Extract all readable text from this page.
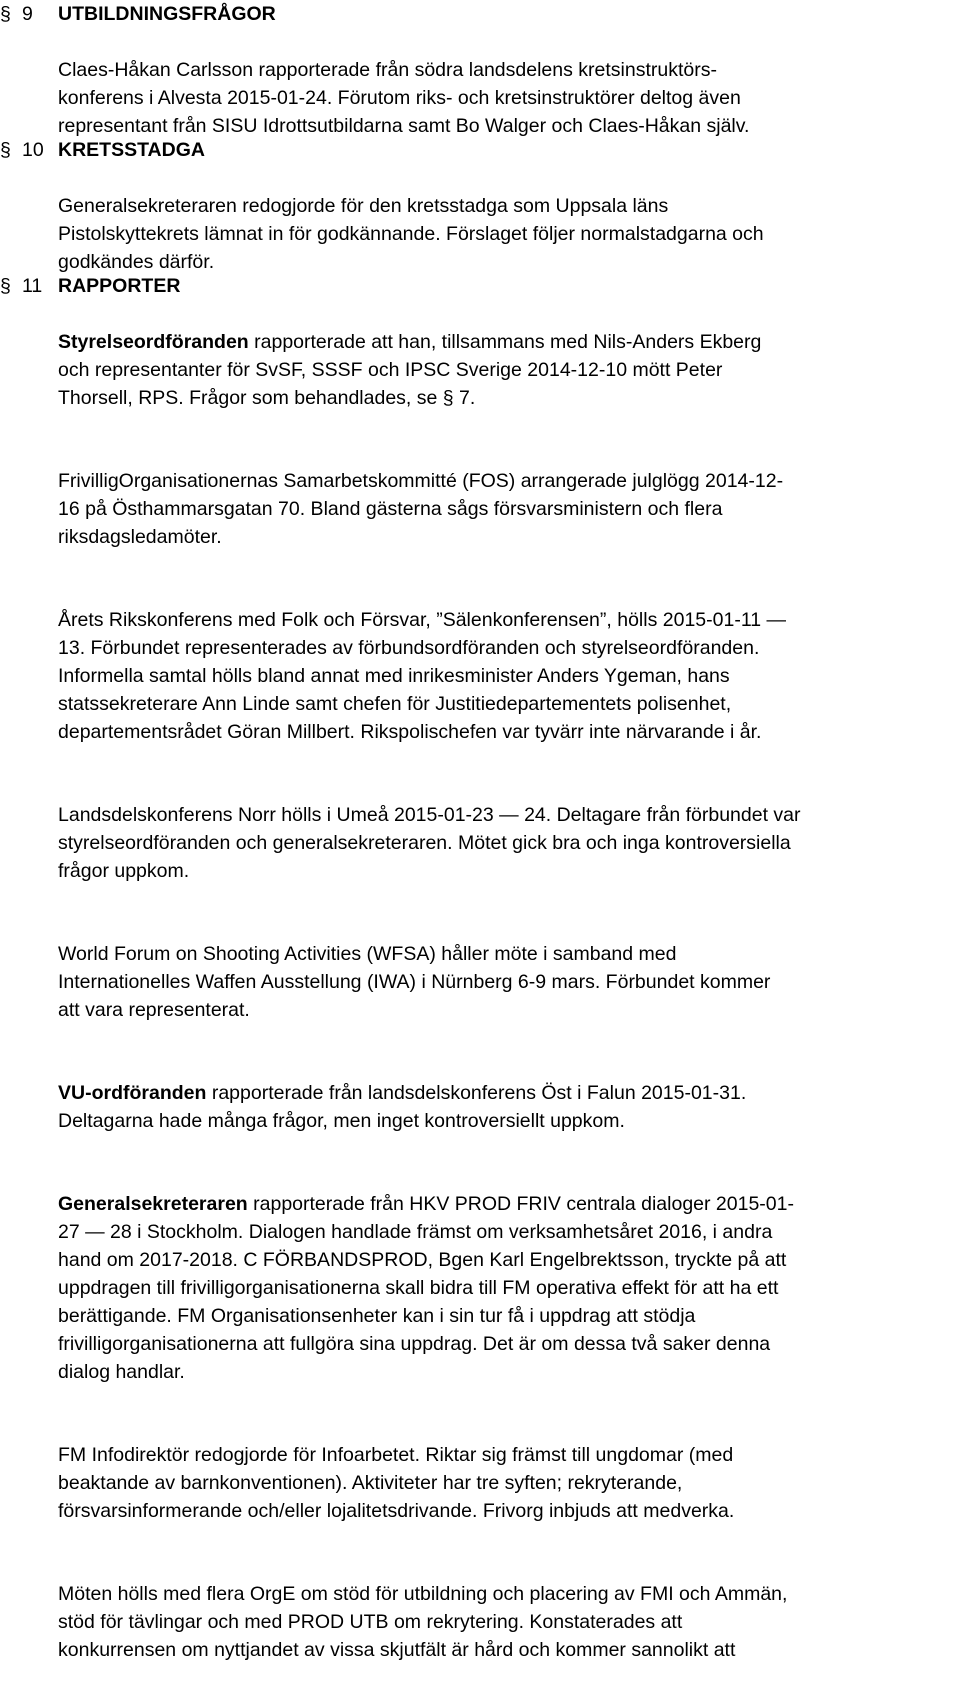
§ 9 UTBILDNINGSFRÅGOR

Claes-Håkan Carlsson rapporterade från södra landsdelens kretsinstruktörs-
konferens i Alvesta 2015-01-24. Förutom riks- och kretsinstruktörer deltog även
representant från SISU Idrottsutbildarna samt Bo Walger och Claes-Håkan själv.

§ 10 KRETSSTADGA

Generalsekreteraren redogjorde för den kretsstadga som Uppsala läns
Pistolskyttekrets lämnat in för godkännande. Förslaget följer normalstadgarna och
godkändes därför.

§ 11 RAPPORTER

Styrelseordföranden rapporterade att han, tillsammans med Nils-Anders Ekberg
och representanter för SvSF, SSSF och IPSC Sverige 2014-12-10 mött Peter
Thorsell, RPS. Frågor som behandlades, se § 7.

FrivilligOrganisationernas Samarbetskommitté (FOS) arrangerade julglögg 2014-12-
16 på Östhammarsgatan 70. Bland gästerna sågs försvarsministern och flera
riksdagsledamöter.

Årets Rikskonferens med Folk och Försvar, ”Sälenkonferensen”, hölls 2015-01-11 —
13. Förbundet representerades av förbundsordföranden och styrelseordföranden.
Informella samtal hölls bland annat med inrikesminister Anders Ygeman, hans
statssekreterare Ann Linde samt chefen för Justitiedepartementets polisenhet,
departementsrådet Göran Millbert. Rikspolischefen var tyvärr inte närvarande i år.

Landsdelskonferens Norr hölls i Umeå 2015-01-23 — 24. Deltagare från förbundet var
styrelseordföranden och generalsekreteraren. Mötet gick bra och inga kontroversiella
frågor uppkom.

World Forum on Shooting Activities (WFSA) håller möte i samband med
Internationelles Waffen Ausstellung (IWA) i Nürnberg 6-9 mars. Förbundet kommer
att vara representerat.

VU-ordföranden rapporterade från landsdelskonferens Öst i Falun 2015-01-31.
Deltagarna hade många frågor, men inget kontroversiellt uppkom.

Generalsekreteraren rapporterade från HKV PROD FRIV centrala dialoger 2015-01-
27 — 28 i Stockholm. Dialogen handlade främst om verksamhetsåret 2016, i andra
hand om 2017-2018. C FÖRBANDSPROD, Bgen Karl Engelbrektsson, tryckte på att
uppdragen till frivilligorganisationerna skall bidra till FM operativa effekt för att ha ett
berättigande. FM Organisationsenheter kan i sin tur få i uppdrag att stödja
frivilligorganisationerna att fullgöra sina uppdrag. Det är om dessa två saker denna
dialog handlar.

FM Infodirektör redogjorde för Infoarbetet. Riktar sig främst till ungdomar (med
beaktande av barnkonventionen). Aktiviteter har tre syften; rekryterande,
försvarsinformerande och/eller lojalitetsdrivande. Frivorg inbjuds att medverka.

Möten hölls med flera OrgE om stöd för utbildning och placering av FMI och Ammän,
stöd för tävlingar och med PROD UTB om rekrytering. Konstaterades att
konkurrensen om nyttjandet av vissa skjutfält är hård och kommer sannolikt att
